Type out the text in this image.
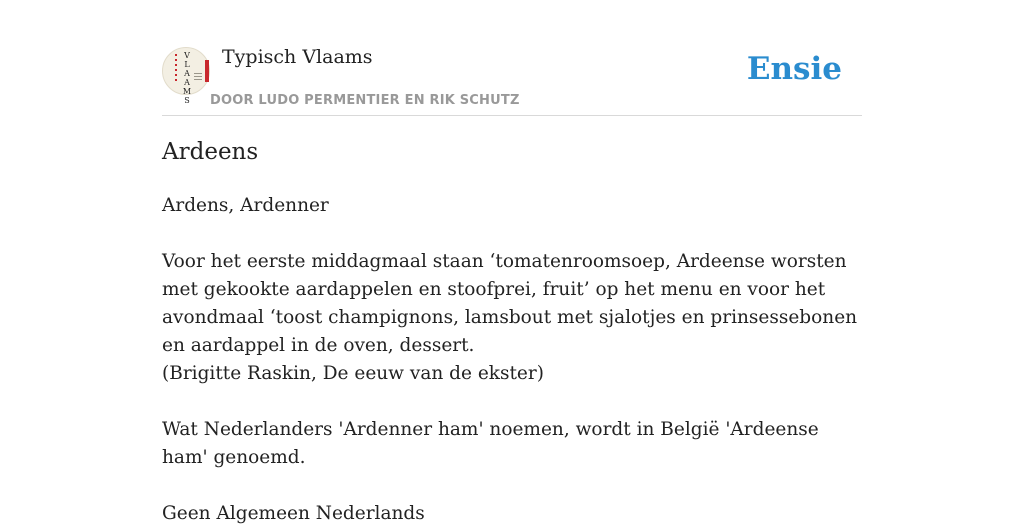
V
L
A
A
M
S
Typisch Vlaams
DOOR LUDO PERMENTIER EN RIK SCHUTZ
Ensie
Ardeens

Ardens, Ardenner

Voor het eerste middagmaal staan ‘tomatenroomsoep, Ardeense worsten met gekookte aardappelen en stoofprei, fruit’ op het menu en voor het avondmaal ‘toost champignons, lamsbout met sjalotjes en prinsessebonen en aardappel in de oven, dessert.

(Brigitte Raskin, De eeuw van de ekster)

Wat Nederlanders 'Ardenner ham' noemen, wordt in België 'Ardeense ham' genoemd.

Geen Algemeen Nederlands
